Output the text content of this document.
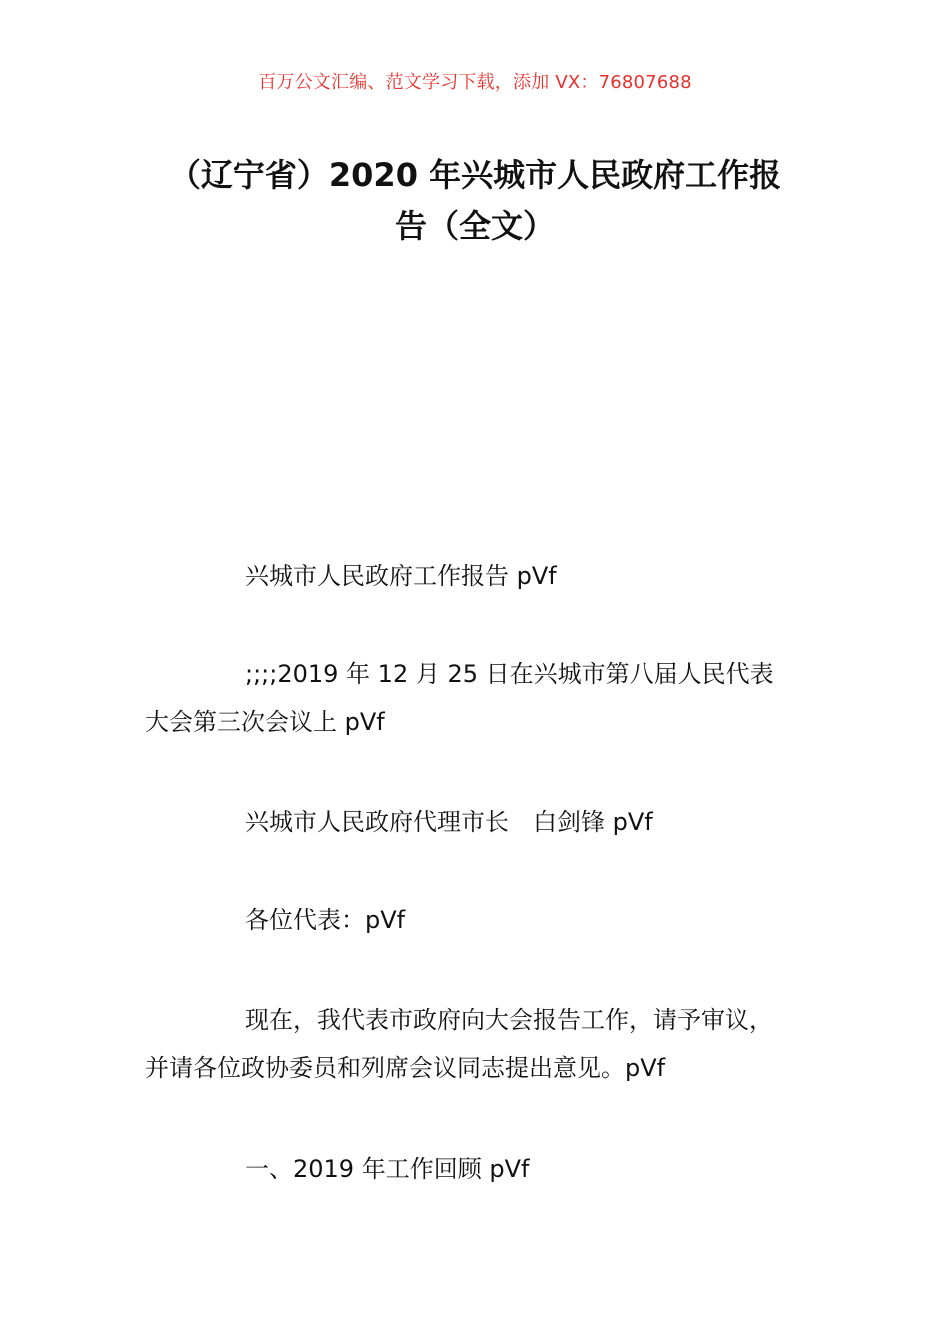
百万公文汇编、范文学习下载，添加 VX：76807688
（辽宁省）2020 年兴城市人民政府工作报
告（全文）
兴城市人民政府工作报告 pVf
;;;;2019 年 12 月 25 日在兴城市第八届人民代表
大会第三次会议上 pVf
兴城市人民政府代理市长　白剑锋 pVf
各位代表：pVf
现在，我代表市政府向大会报告工作，请予审议，
并请各位政协委员和列席会议同志提出意见。pVf
一、2019 年工作回顾 pVf
